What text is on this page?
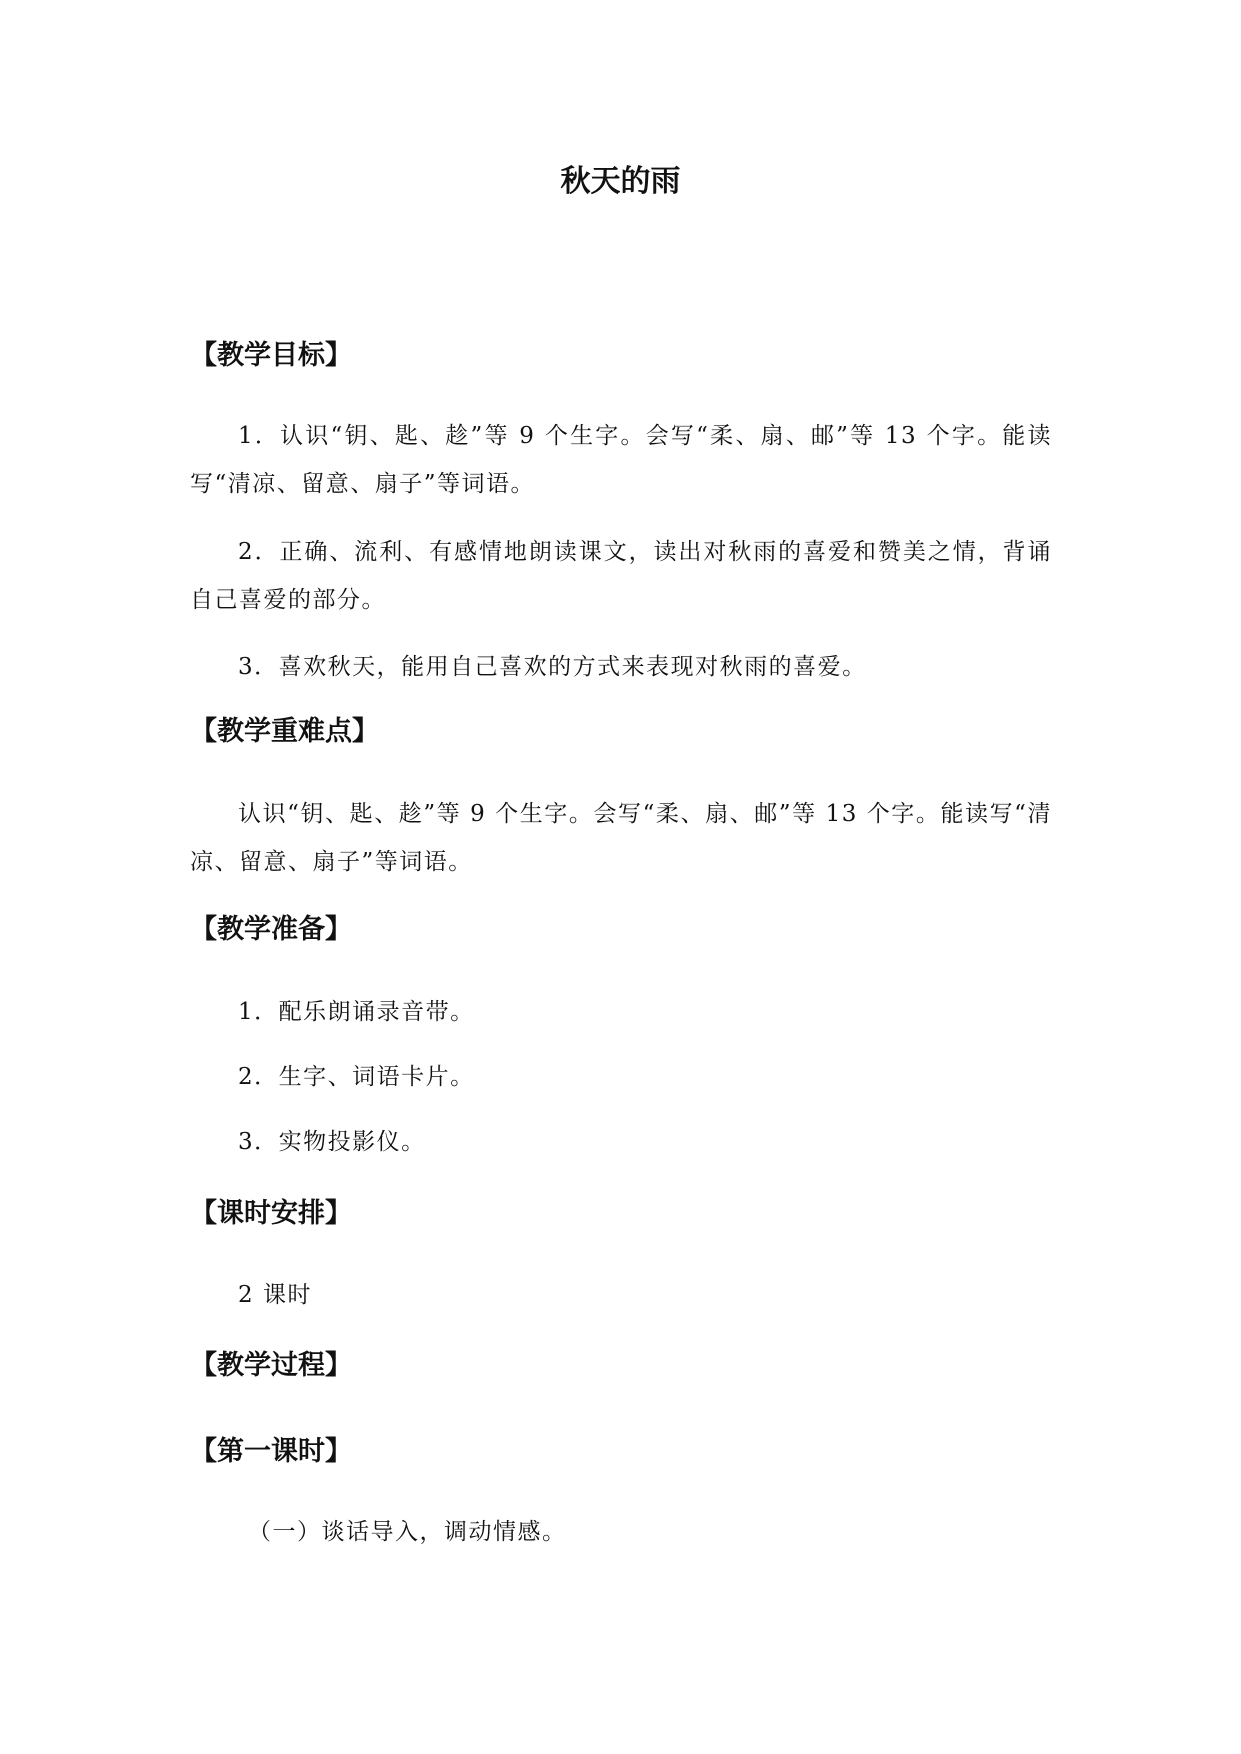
秋天的雨
【教学目标】

1．认识“钥、匙、趁”等 9 个生字。会写“柔、扇、邮”等 13 个字。能读写“清凉、留意、扇子”等词语。

2．正确、流利、有感情地朗读课文，读出对秋雨的喜爱和赞美之情，背诵自己喜爱的部分。

3．喜欢秋天，能用自己喜欢的方式来表现对秋雨的喜爱。

【教学重难点】

认识“钥、匙、趁”等 9 个生字。会写“柔、扇、邮”等 13 个字。能读写“清凉、留意、扇子”等词语。

【教学准备】

1．配乐朗诵录音带。

2．生字、词语卡片。

3．实物投影仪。

【课时安排】

2 课时

【教学过程】
【第一课时】

（一）谈话导入，调动情感。
